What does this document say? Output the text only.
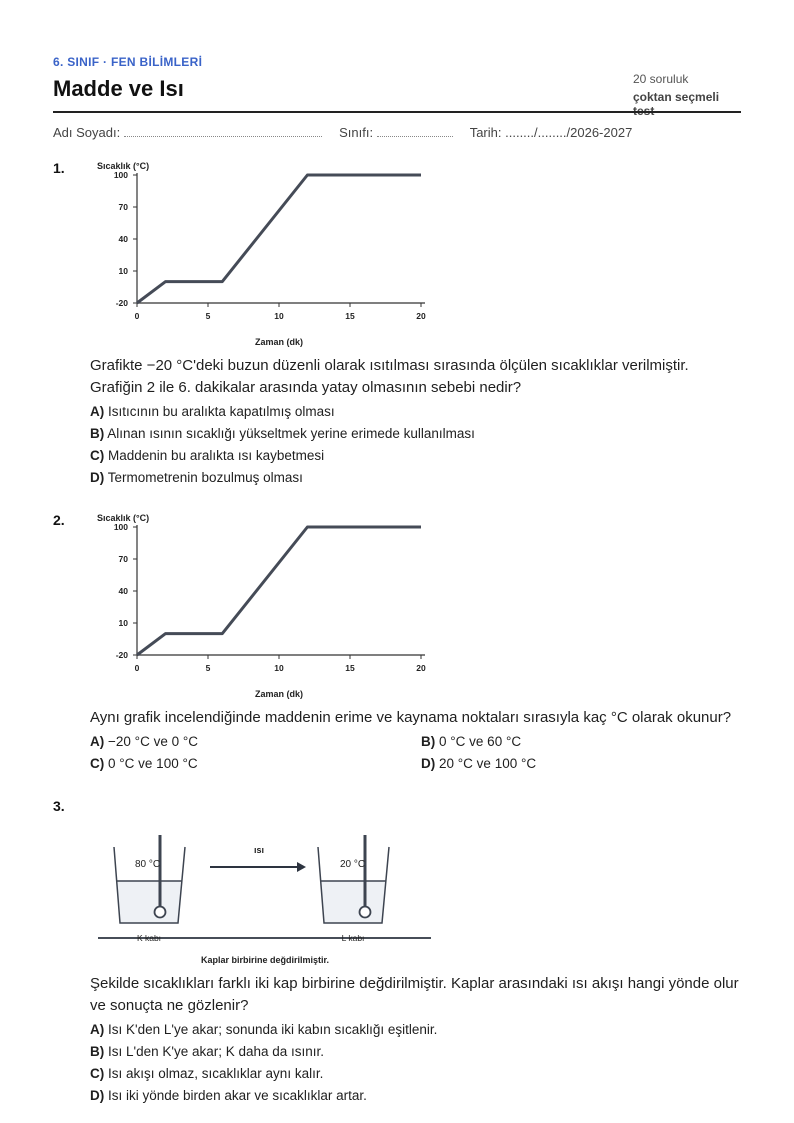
6. SINIF · FEN BİLİMLERİ
Madde ve Isı	20 soruluk
çoktan seçmeli
Adı Soyadı:	Sınıfı:	Tarih: ......../......../2026-2027
1.	Sıcaklık (°C)
-20
10
40
70
100
0	5	10	15	20
Zaman (dk)
Grafikte −20 °C'deki buzun düzenli olarak ısıtılması sırasında ölçülen sıcaklıklar verilmiştir. Grafiğin 2 ile 6. dakikalar arasında yatay olmasının sebebi nedir?
A) Isıtıcının bu aralıkta kapatılmış olması
B) Alınan ısının sıcaklığı yükseltmek yerine erimede kullanılması
C) Maddenin bu aralıkta ısı kaybetmesi
D) Termometrenin bozulmuş olması
2.	Sıcaklık (°C)
-20
10
40
70
100
0	5	10	15	20
Zaman (dk)
Aynı grafik incelendiğinde maddenin erime ve kaynama noktaları sırasıyla kaç °C olarak okunur?
A) −20 °C ve 0 °C	B) 0 °C ve 60 °C
C) 0 °C ve 100 °C	D) 20 °C ve 100 °C
3.
80 °C
ısı
20 °C
K kabı	L kabı
Kaplar birbirine değdirilmiştir.
Şekilde sıcaklıkları farklı iki kap birbirine değdirilmiştir. Kaplar arasındaki ısı akışı hangi yönde olur ve sonuçta ne gözlenir?
A) Isı K'den L'ye akar; sonunda iki kabın sıcaklığı eşitlenir.
B) Isı L'den K'ye akar; K daha da ısınır.
C) Isı akışı olmaz, sıcaklıklar aynı kalır.
D) Isı iki yönde birden akar ve sıcaklıklar artar.
